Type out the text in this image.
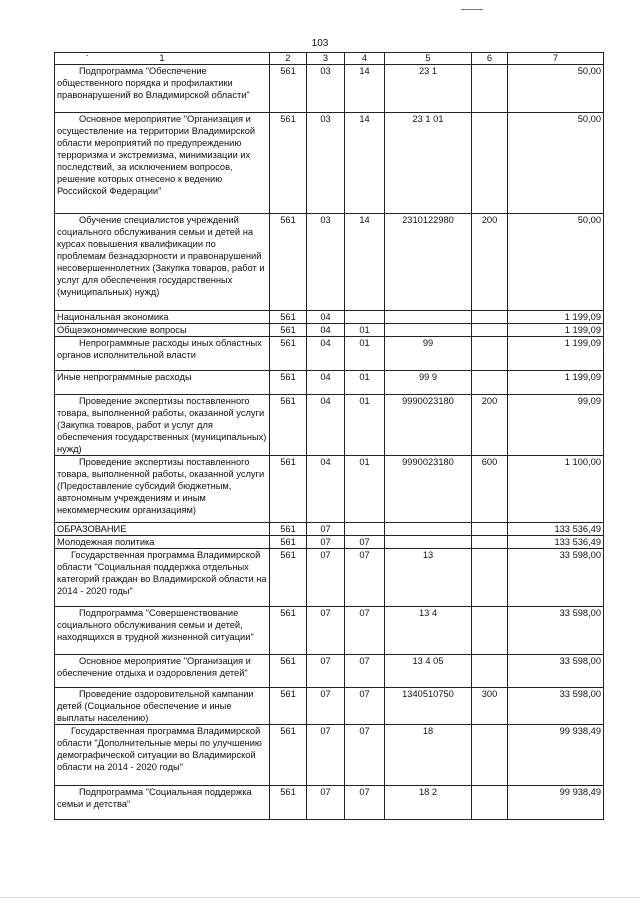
.
103
1	2	3	4	5	6	7
Подпрограмма "Обеспечение общественного порядка и профилактики правонарушений во Владимирской области"	561	03	14	23 1		50,00
Основное мероприятие "Организация и осуществление на территории Владимирской области мероприятий по предупреждению терроризма и экстремизма, минимизации их последствий, за исключением вопросов, решение которых отнесено к ведению Российской Федерации"	561	03	14	23 1 01		50,00
Обучение специалистов учреждений социального обслуживания семьи и детей на курсах повышения квалификации по проблемам безнадзорности и правонарушений несовершеннолетних (Закупка товаров, работ и услуг для обеспечения государственных (муниципальных) нужд)	561	03	14	2310122980	200	50,00
Национальная экономика	561	04				1 199,09
Общеэкономические вопросы	561	04	01			1 199,09
Непрограммные расходы иных областных органов исполнительной власти	561	04	01	99		1 199,09
Иные непрограммные расходы	561	04	01	99 9		1 199,09
Проведение экспертизы поставленного товара, выполненной работы, оказанной услуги (Закупка товаров, работ и услуг для обеспечения государственных (муниципальных) нужд)	561	04	01	9990023180	200	99,09
Проведение экспертизы поставленного товара, выполненной работы, оказанной услуги (Предоставление субсидий бюджетным, автономным учреждениям и иным некоммерческим организациям)	561	04	01	9990023180	600	1 100,00
ОБРАЗОВАНИЕ	561	07				133 536,49
Молодежная политика	561	07	07			133 536,49
Государственная программа Владимирской области "Социальная поддержка отдельных категорий граждан во Владимирской области на 2014 - 2020 годы"	561	07	07	13		33 598,00
Подпрограмма "Совершенствование социального обслуживания семьи и детей, находящихся в трудной жизненной ситуации"	561	07	07	13 4		33 598,00
Основное мероприятие "Организация и обеспечение отдыха и оздоровления детей"	561	07	07	13 4 05		33 598,00
Проведение оздоровительной кампании детей (Социальное обеспечение и иные выплаты населению)	561	07	07	1340510750	300	33 598,00
Государственная программа Владимирской области "Дополнительные меры по улучшению демографической ситуации во Владимирской области на 2014 - 2020 годы"	561	07	07	18		99 938,49
Подпрограмма "Социальная поддержка семьи и детства"	561	07	07	18 2		99 938,49
